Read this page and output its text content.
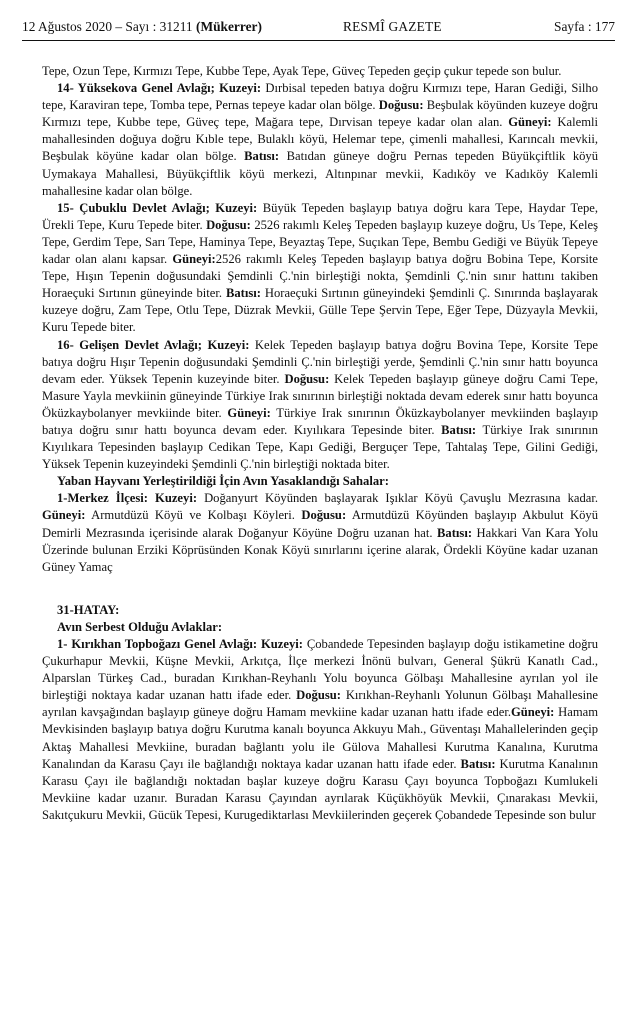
12 Ağustos 2020 – Sayı : 31211 (Mükerrer)	RESMÎ GAZETE	Sayfa : 177

Tepe, Ozun Tepe, Kırmızı Tepe, Kubbe Tepe, Ayak Tepe, Güveç Tepeden geçip çukur tepede son bulur.

14- Yüksekova Genel Avlağı; Kuzeyi: Dırbisal tepeden batıya doğru Kırmızı tepe, Haran Gediği, Silho tepe, Karaviran tepe, Tomba tepe, Pernas tepeye kadar olan bölge. Doğusu: Beşbulak köyünden kuzeye doğru Kırmızı tepe, Kubbe tepe, Güveç tepe, Mağara tepe, Dırvisan tepeye kadar olan alan. Güneyi: Kalemli mahallesinden doğuya doğru Kıble tepe, Bulaklı köyü, Helemar tepe, çimenli mahallesi, Karıncalı mevkii, Beşbulak köyüne kadar olan bölge. Batısı: Batıdan güneye doğru Pernas tepeden Büyükçiftlik köyü Uymakaya Mahallesi, Büyükçiftlik köyü merkezi, Altınpınar mevkii, Kadıköy ve Kadıköy Kalemli mahallesine kadar olan bölge.

15- Çubuklu Devlet Avlağı; Kuzeyi: Büyük Tepeden başlayıp batıya doğru kara Tepe, Haydar Tepe, Ürekli Tepe, Kuru Tepede biter. Doğusu: 2526 rakımlı Keleş Tepeden başlayıp kuzeye doğru, Us Tepe, Keleş Tepe, Gerdim Tepe, Sarı Tepe, Haminya Tepe, Beyaztaş Tepe, Suçıkan Tepe, Bembu Gediği ve Büyük Tepeye kadar olan alanı kapsar. Güneyi:2526 rakımlı Keleş Tepeden başlayıp batıya doğru Bobina Tepe, Korsite Tepe, Hışın Tepenin doğusundaki Şemdinli Ç.'nin birleştiği nokta, Şemdinli Ç.'nin sınır hattını takiben Horaeçuki Sırtının güneyinde biter. Batısı: Horaeçuki Sırtının güneyindeki Şemdinli Ç. Sınırında başlayarak kuzeye doğru, Zam Tepe, Otlu Tepe, Düzrak Mevkii, Gülle Tepe Şervin Tepe, Eğer Tepe, Düzyayla Mevkii, Kuru Tepede biter.

16- Gelişen Devlet Avlağı; Kuzeyi: Kelek Tepeden başlayıp batıya doğru Bovina Tepe, Korsite Tepe batıya doğru Hışır Tepenin doğusundaki Şemdinli Ç.'nin birleştiği yerde, Şemdinli Ç.'nin sınır hattı boyunca devam eder. Yüksek Tepenin kuzeyinde biter. Doğusu: Kelek Tepeden başlayıp güneye doğru Cami Tepe, Masure Yayla mevkiinin güneyinde Türkiye Irak sınırının birleştiği noktada devam ederek sınır hattı boyunca Öküzkaybolanyer mevkiinde biter. Güneyi: Türkiye Irak sınırının Öküzkaybolanyer mevkiinden başlayıp batıya doğru sınır hattı boyunca devam eder. Kıyılıkara Tepesinde biter. Batısı: Türkiye Irak sınırının Kıyılıkara Tepesinden başlayıp Cedikan Tepe, Kapı Gediği, Berguçer Tepe, Tahtalaş Tepe, Gilini Gediği, Yüksek Tepenin kuzeyindeki Şemdinli Ç.'nin birleştiği noktada biter.

Yaban Hayvanı Yerleştirildiği İçin Avın Yasaklandığı Sahalar:

1-Merkez İlçesi: Kuzeyi: Doğanyurt Köyünden başlayarak Işıklar Köyü Çavuşlu Mezrasına kadar. Güneyi: Armutdüzü Köyü ve Kolbaşı Köyleri. Doğusu: Armutdüzü Köyünden başlayıp Akbulut Köyü Demirli Mezrasında içerisinde alarak Doğanyur Köyüne Doğru uzanan hat. Batısı: Hakkari Van Kara Yolu Üzerinde bulunan Erziki Köprüsünden Konak Köyü sınırlarını içerine alarak, Ördekli Köyüne kadar uzanan Güney Yamaç

31-HATAY:

Avın Serbest Olduğu Avlaklar:

1- Kırıkhan Topboğazı Genel Avlağı: Kuzeyi: Çobandede Tepesinden başlayıp doğu istikametine doğru Çukurhapur Mevkii, Küşne Mevkii, Arkıtça, İlçe merkezi İnönü bulvarı, General Şükrü Kanatlı Cad., Alparslan Türkeş Cad., buradan Kırıkhan-Reyhanlı Yolu boyunca Gölbaşı Mahallesine ayrılan yol ile birleştiği noktaya kadar uzanan hattı ifade eder. Doğusu: Kırıkhan-Reyhanlı Yolunun Gölbaşı Mahallesine ayrılan kavşağından başlayıp güneye doğru Hamam mevkiine kadar uzanan hattı ifade eder.Güneyi: Hamam Mevkisinden başlayıp batıya doğru Kurutma kanalı boyunca Akkuyu Mah., Güventaşı Mahallelerinden geçip Aktaş Mahallesi Mevkiine, buradan bağlantı yolu ile Gülova Mahallesi Kurutma Kanalına, Kurutma Kanalından da Karasu Çayı ile bağlandığı noktaya kadar uzanan hattı ifade eder. Batısı: Kurutma Kanalının Karasu Çayı ile bağlandığı noktadan başlar kuzeye doğru Karasu Çayı boyunca Topboğazı Kumlukeli Mevkiine kadar uzanır. Buradan Karasu Çayından ayrılarak Küçükhöyük Mevkii, Çınarakası Mevkii, Sakıtçukuru Mevkii, Gücük Tepesi, Kurugediktarlası Mevkiilerinden geçerek Çobandede Tepesinde son bulur
